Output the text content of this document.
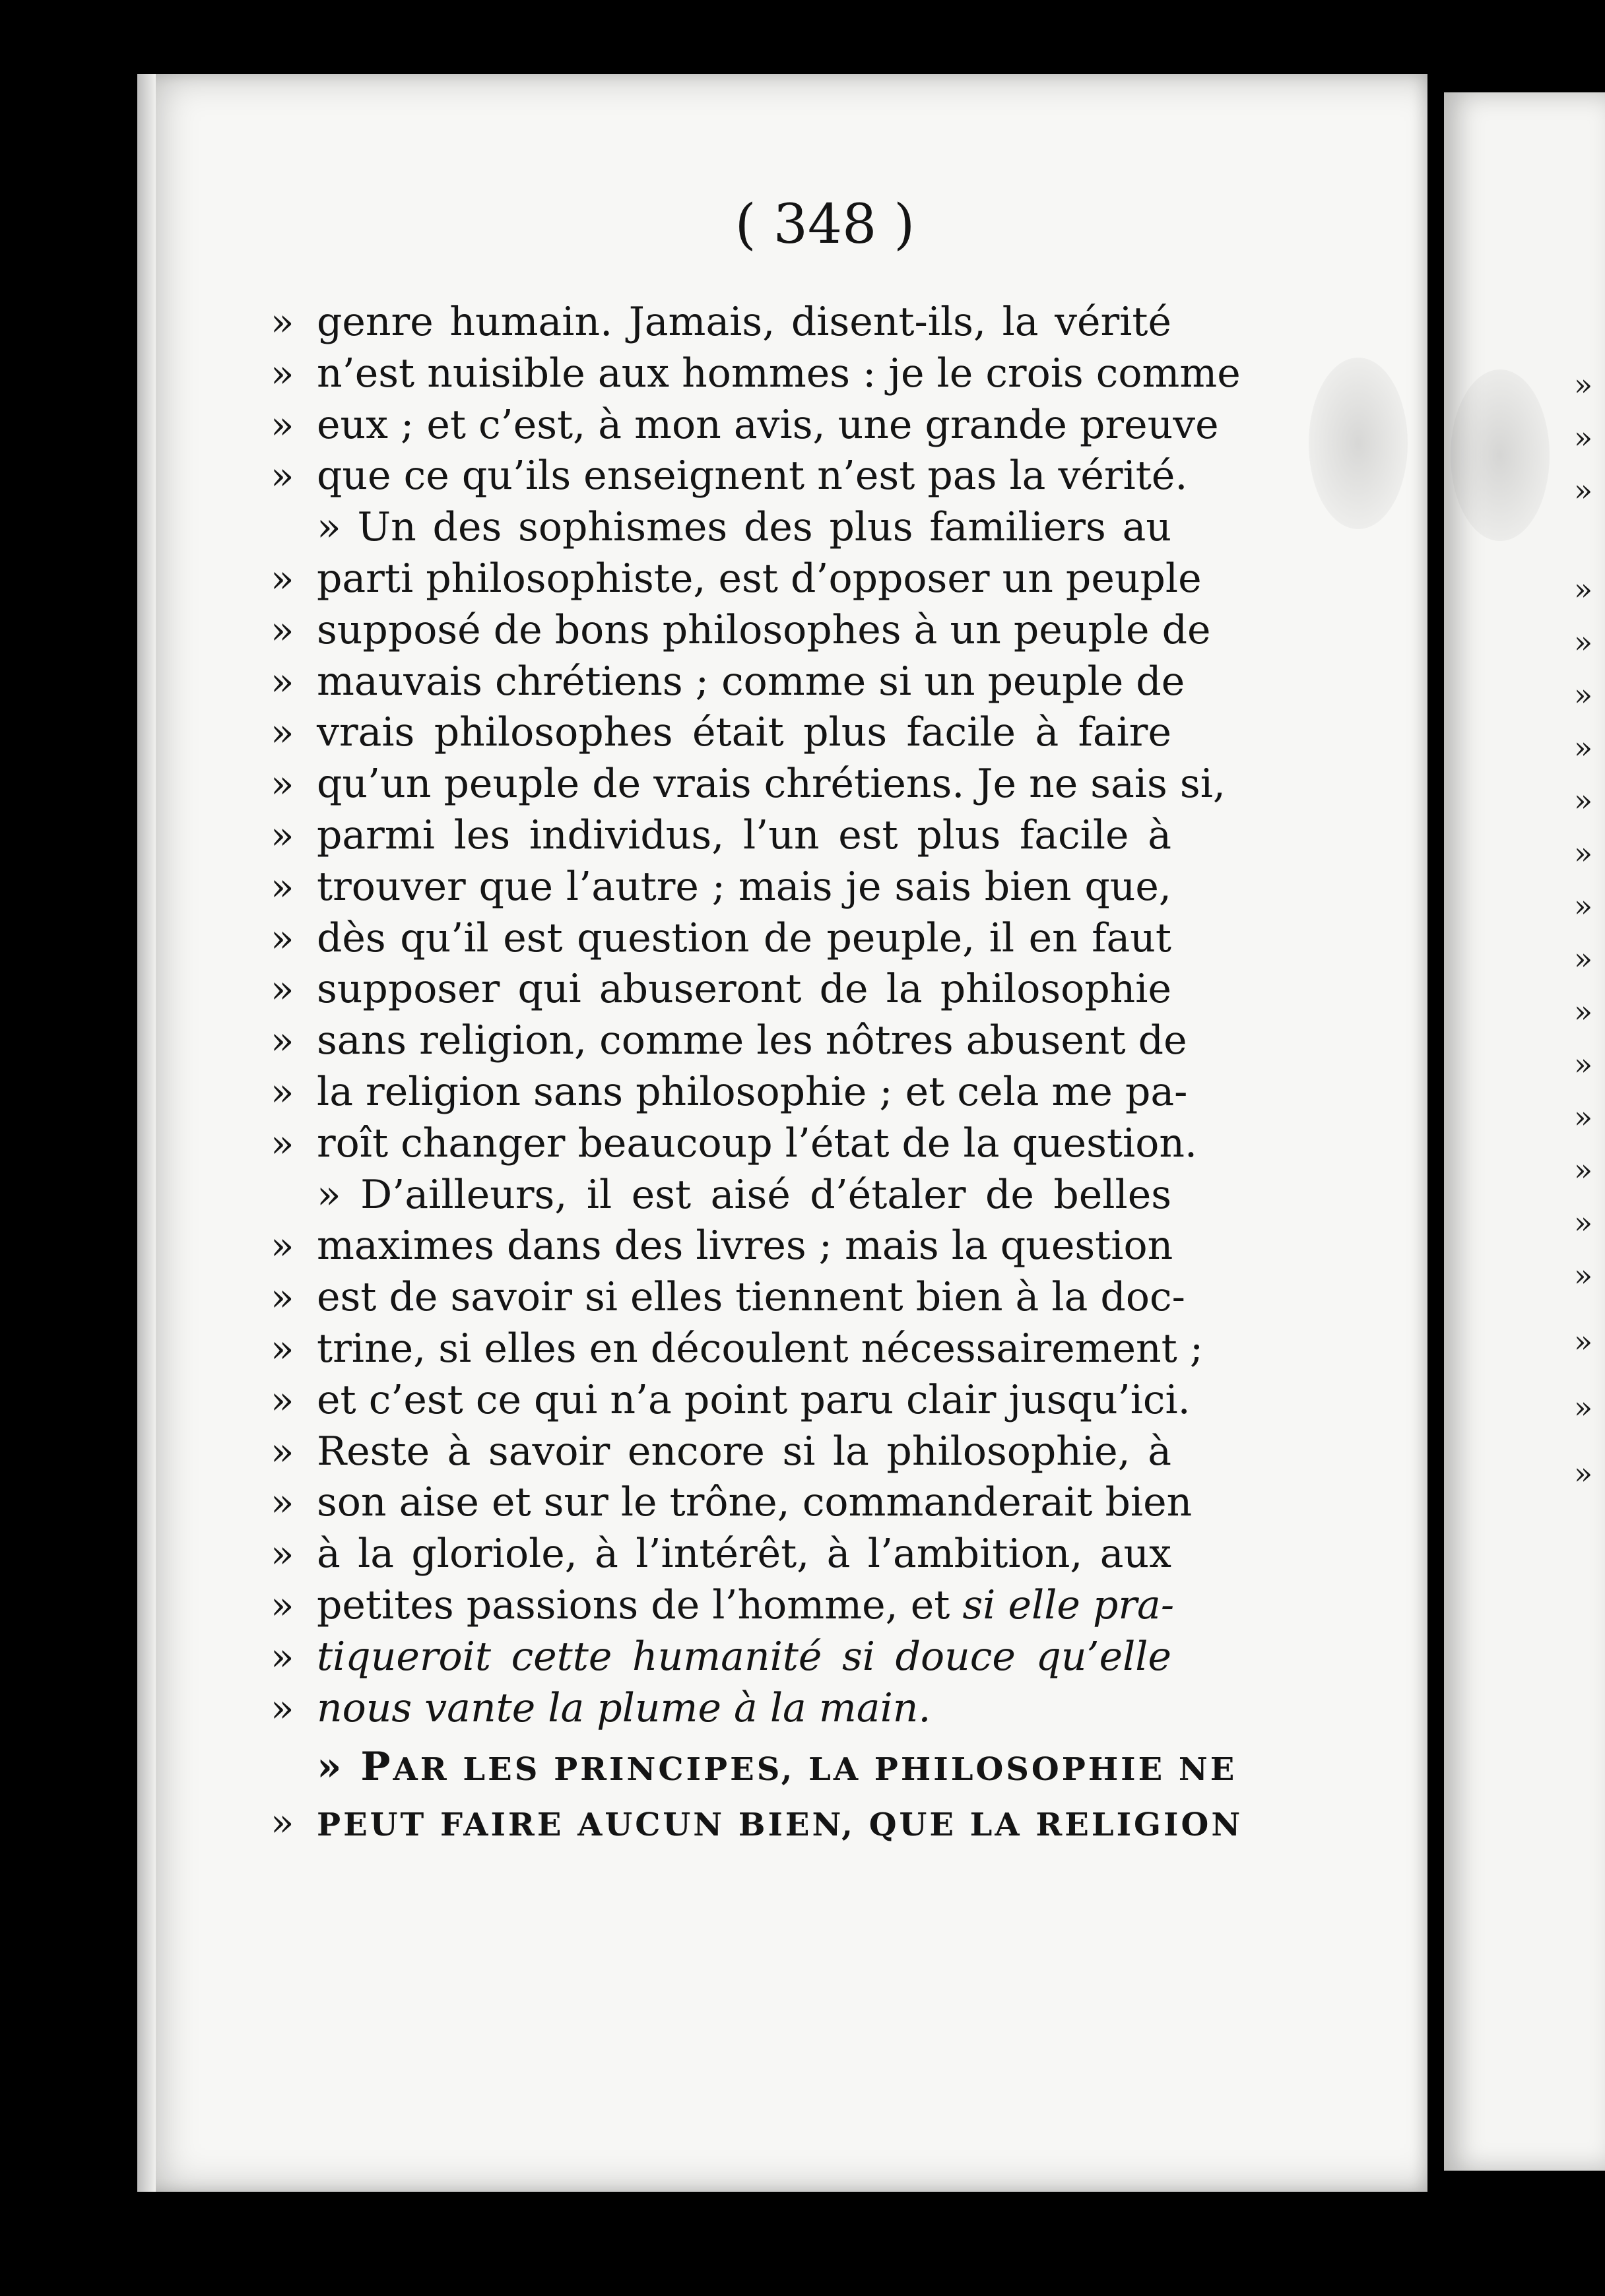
( 348 )
» genre humain. Jamais, disent-ils, la vérité
» n’est nuisible aux hommes : je le crois comme
» eux ; et c’est, à mon avis, une grande preuve
» que ce qu’ils enseignent n’est pas la vérité.
» Un des sophismes des plus familiers au
» parti philosophiste, est d’opposer un peuple
» supposé de bons philosophes à un peuple de
» mauvais chrétiens ; comme si un peuple de
» vrais philosophes était plus facile à faire
» qu’un peuple de vrais chrétiens. Je ne sais si,
» parmi les individus, l’un est plus facile à
» trouver que l’autre ; mais je sais bien que,
» dès qu’il est question de peuple, il en faut
» supposer qui abuseront de la philosophie
» sans religion, comme les nôtres abusent de
» la religion sans philosophie ; et cela me pa-
» roît changer beaucoup l’état de la question.
» D’ailleurs, il est aisé d’étaler de belles
» maximes dans des livres ; mais la question
» est de savoir si elles tiennent bien à la doc-
» trine, si elles en découlent nécessairement ;
» et c’est ce qui n’a point paru clair jusqu’ici.
» Reste à savoir encore si la philosophie, à
» son aise et sur le trône, commanderait bien
» à la gloriole, à l’intérêt, à l’ambition, aux
» petites passions de l’homme, et si elle pra-
» tiqueroit cette humanité si douce qu’elle
» nous vante la plume à la main.
» PAR LES PRINCIPES, LA PHILOSOPHIE NE
» PEUT FAIRE AUCUN BIEN, QUE LA RELIGION
»
»
»
»
»
»
»
»
»
»
»
»
»
»
»
»
»
»
»
»
